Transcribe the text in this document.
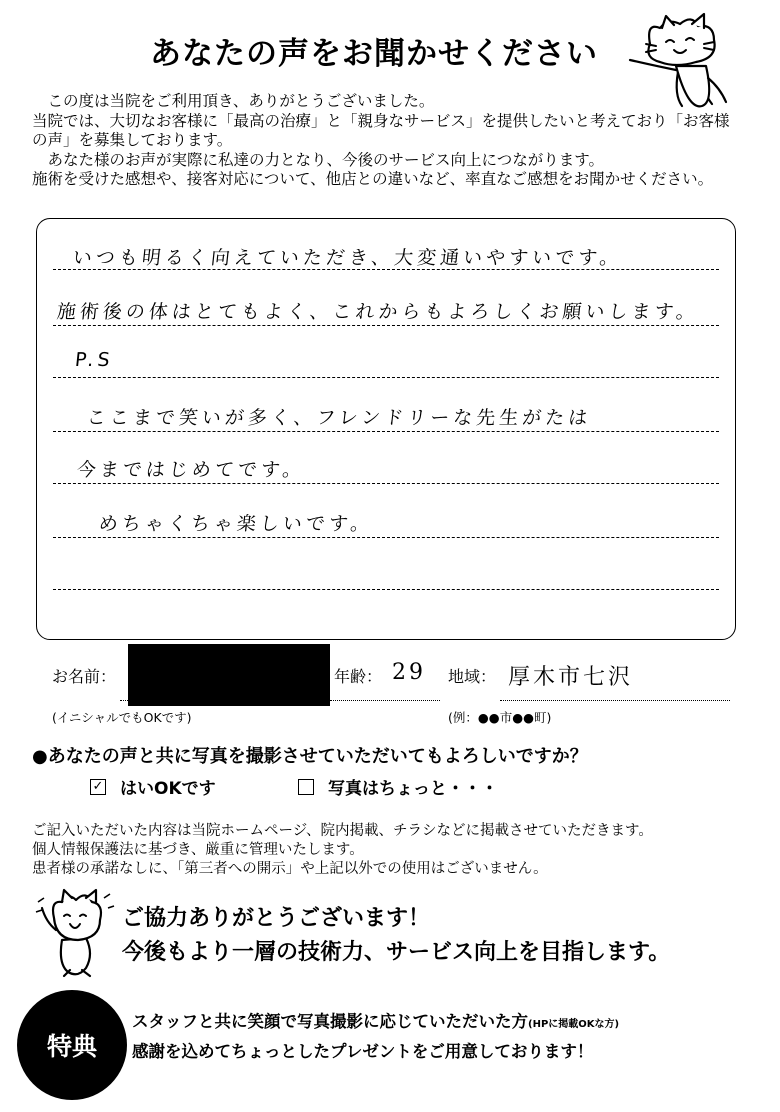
あなたの声をお聞かせください

この度は当院をご利用頂き、ありがとうございました。

当院では、大切なお客様に「最高の治療」と「親身なサービス」を提供したいと考えており「お客様の声」を募集しております。

あなた様のお声が実際に私達の力となり、今後のサービス向上につながります。

施術を受けた感想や、接客対応について、他店との違いなど、率直なご感想をお聞かせください。

いつも明るく向えていただき、大変通いやすいです。
施術後の体はとてもよく、これからもよろしくお願いします。
P.S
ここまで笑いが多く、フレンドリーな先生がたは
今まではじめてです。
めちゃくちゃ楽しいです。
お名前：	年齢： 29 地域： 厚木市七沢
(イニシャルでもOKです)	(例：●●市●●町)
●あなたの声と共に写真を撮影させていただいてもよろしいですか？
✓ はいOKです	写真はちょっと・・・

ご記入いただいた内容は当院ホームページ、院内掲載、チラシなどに掲載させていただきます。

個人情報保護法に基づき、厳重に管理いたします。

患者様の承諾なしに、「第三者への開示」や上記以外での使用はございません。

ご協力ありがとうございます！
今後もより一層の技術力、サービス向上を目指します。
特典
スタッフと共に笑顔で写真撮影に応じていただいた方(HPに掲載OKな方)
感謝を込めてちょっとしたプレゼントをご用意しております！
